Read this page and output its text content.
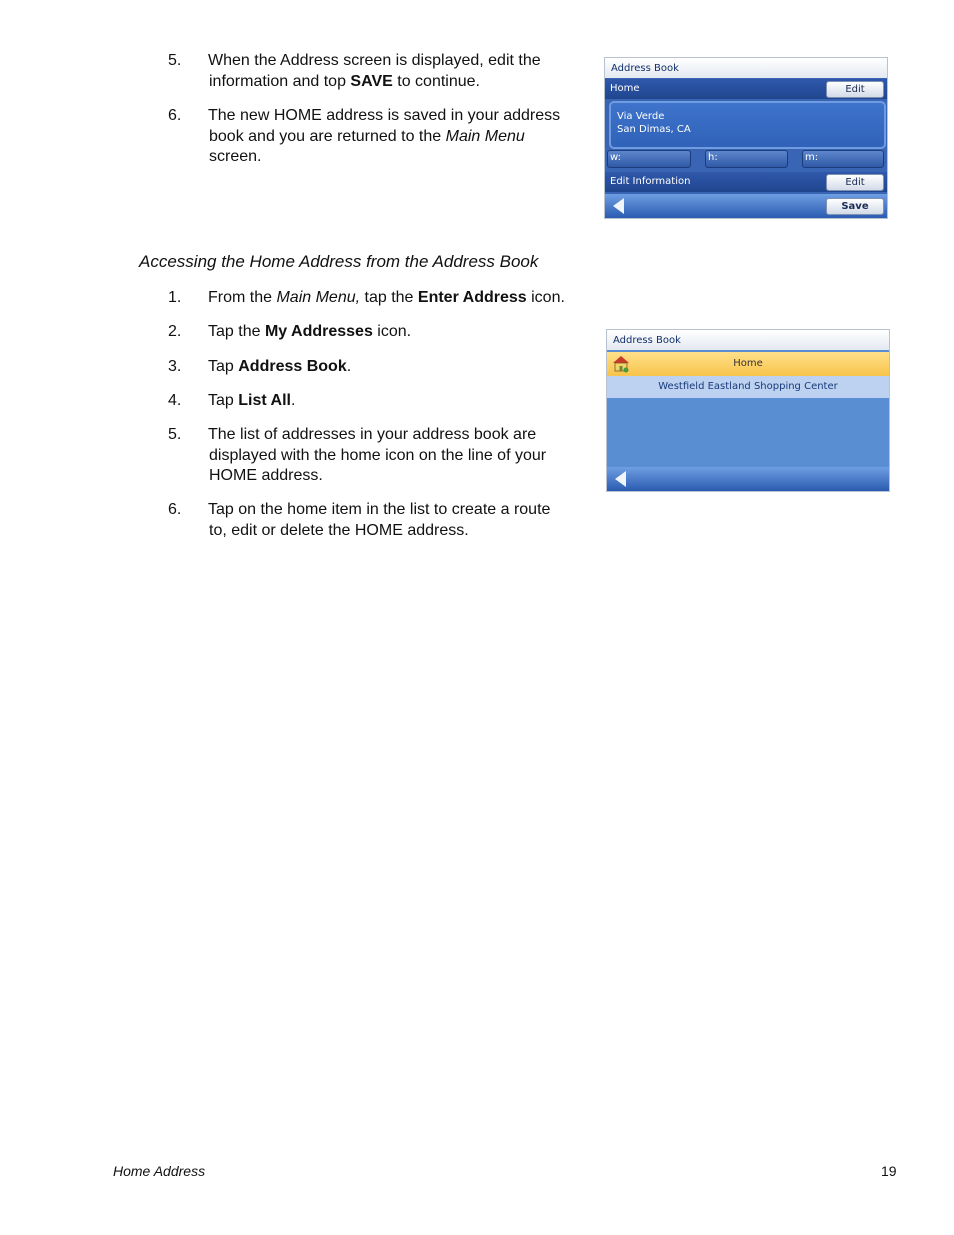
5. When the Address screen is displayed, edit the
information and top SAVE to continue.
6. The new HOME address is saved in your address
book and you are returned to the Main Menu
screen.
Address Book
Home	Edit
Via Verde
San Dimas, CA
w:	h:	m:
Edit Information	Edit
Save
Accessing the Home Address from the Address Book
1. From the Main Menu, tap the Enter Address icon.
2. Tap the My Addresses icon.
3. Tap Address Book.
4. Tap List All.
5. The list of addresses in your address book are
displayed with the home icon on the line of your
HOME address.
6. Tap on the home item in the list to create a route
to, edit or delete the HOME address.
Address Book
Home
Westfield Eastland Shopping Center
Home Address	19
